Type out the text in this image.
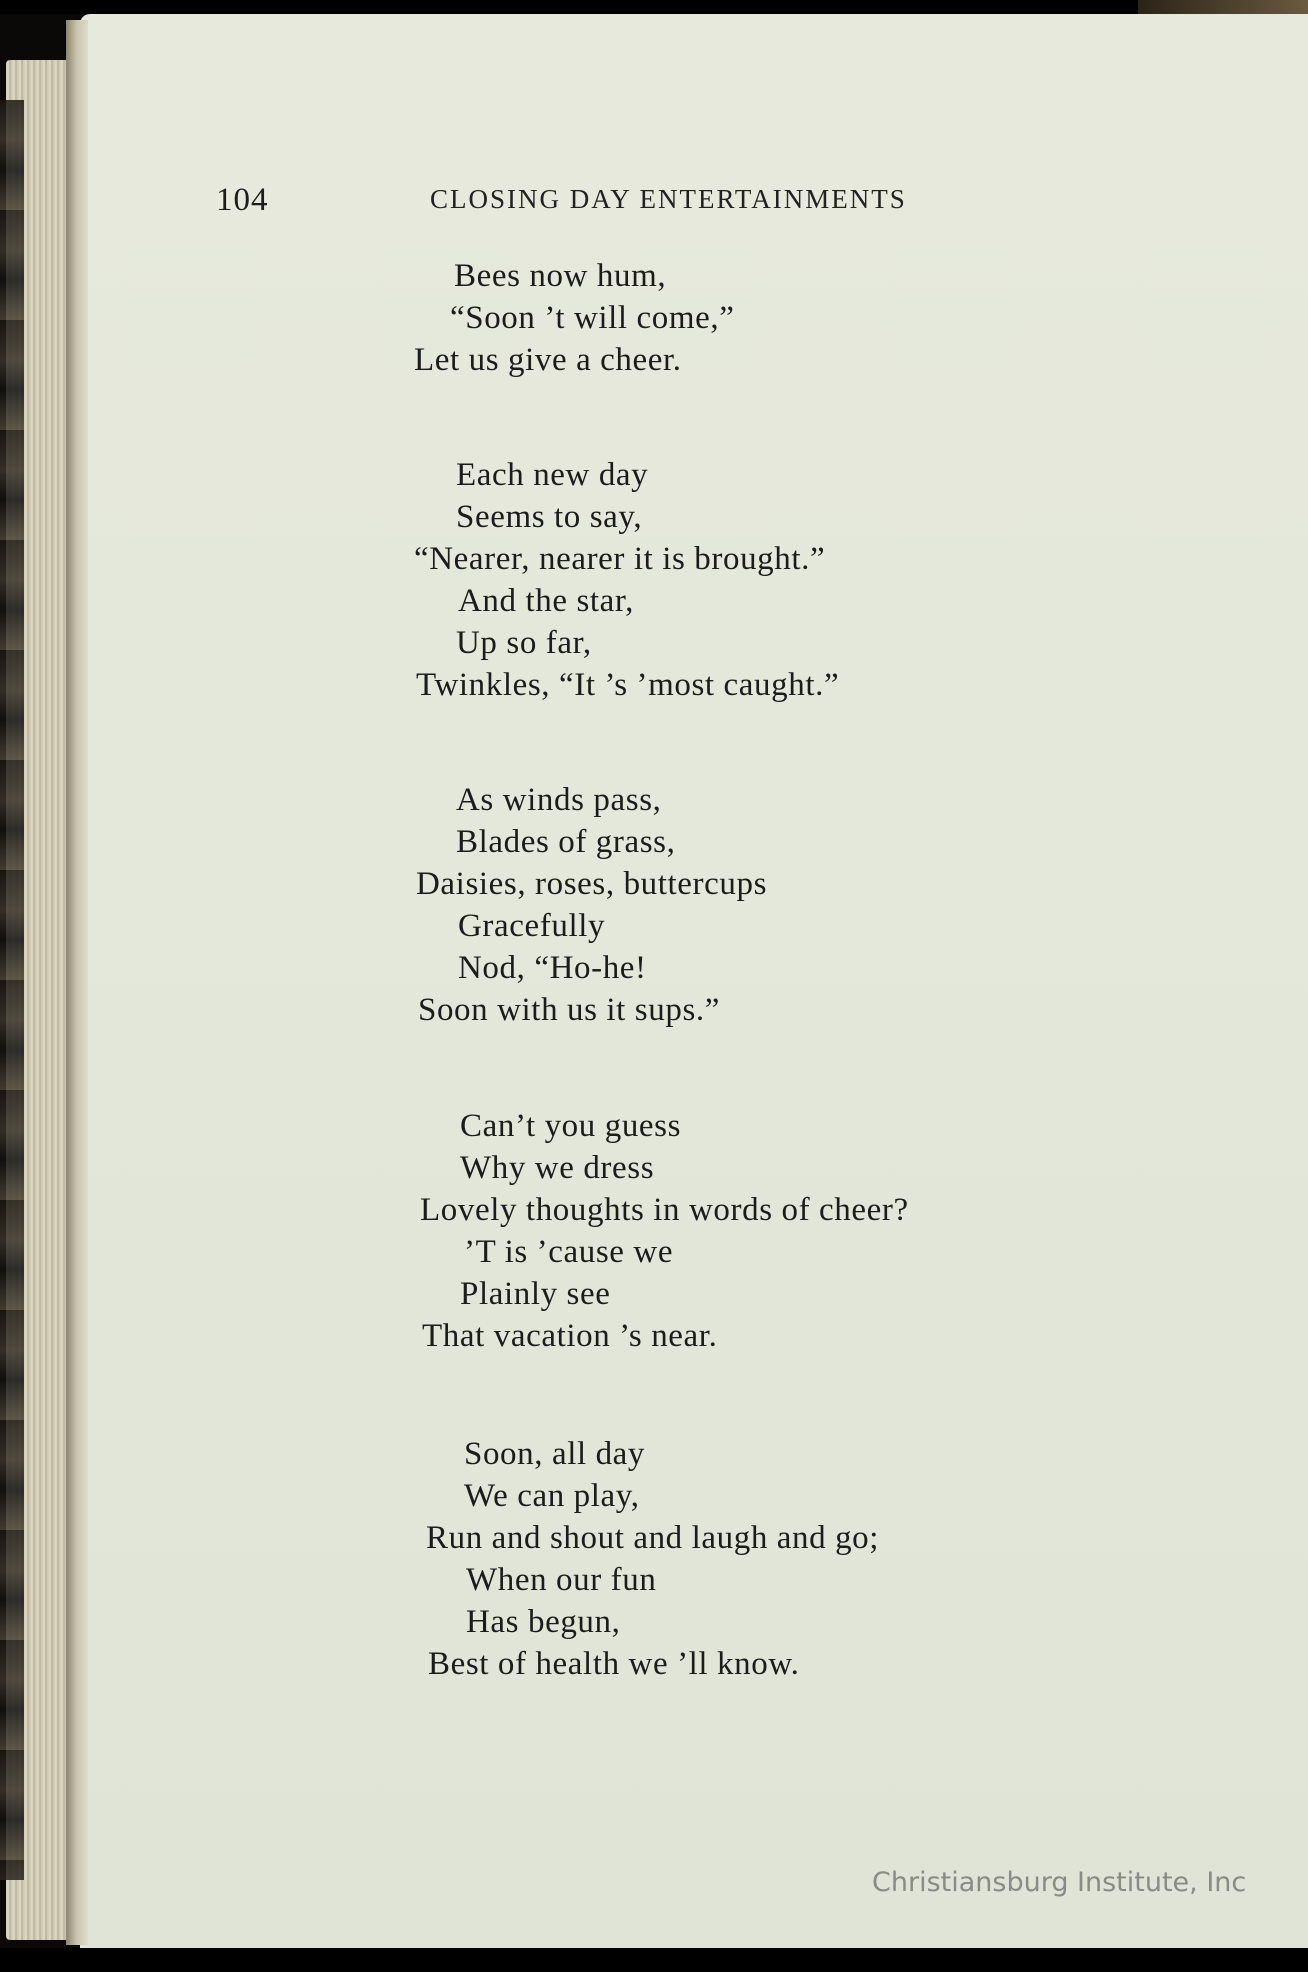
104	CLOSING DAY ENTERTAINMENTS
Bees now hum,
“Soon ’t will come,”
Let us give a cheer.
Each new day
Seems to say,
“Nearer, nearer it is brought.”
And the star,
Up so far,
Twinkles, “It ’s ’most caught.”
As winds pass,
Blades of grass,
Daisies, roses, buttercups
Gracefully
Nod, “Ho-he!
Soon with us it sups.”
Can’t you guess
Why we dress
Lovely thoughts in words of cheer?
’T is ’cause we
Plainly see
That vacation ’s near.
Soon, all day
We can play,
Run and shout and laugh and go;
When our fun
Has begun,
Best of health we ’ll know.
Christiansburg Institute, Inc
